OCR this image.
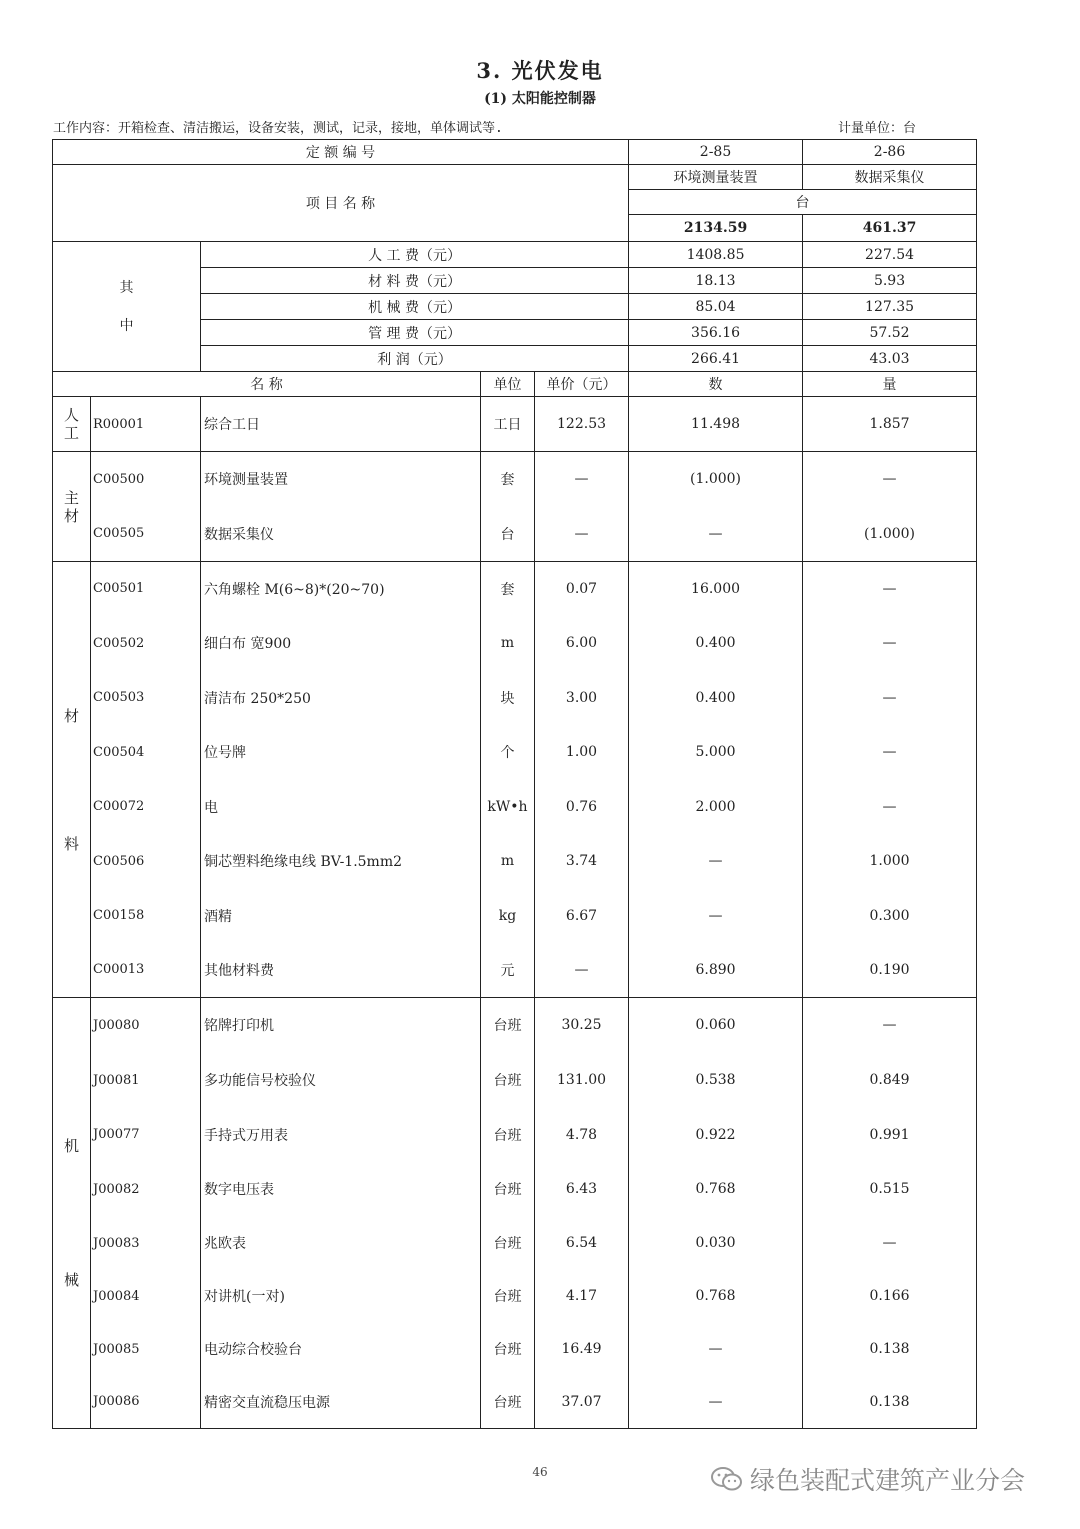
3. 光伏发电
(1) 太阳能控制器
工作内容：开箱检查、清洁搬运，设备安装，测试，记录，接地，单体调试等.	计量单位：台
定 额 编 号					2-85	2-86
项 目 名 称					环境测量装置	数据采集仪
					台	
					2134.59	461.37
其 中		人 工 费（元）			1408.85	227.54
		材 料 费（元）			18.13	5.93
		机 械 费（元）			85.04	127.35
		管 理 费（元）			356.16	57.52
		利 润（元）			266.41	43.03
名 称			单位	单价（元）	数	量
人工	R00001	综合工日	工日	122.53	11.498	1.857
主材	C00500	环境测量装置	套	—	(1.000)	—
	C00505	数据采集仪	台	—	—	(1.000)

材
料	C00501	六角螺栓 M(6~8)*(20~70)	套	0.07	16.000	—
	C00502	细白布 宽900	m	6.00	0.400	—
	C00503	清洁布 250*250	块	3.00	0.400	—
	C00504	位号牌	个	1.00	5.000	—
	C00072	电	kW•h	0.76	2.000	—
	C00506	铜芯塑料绝缘电线 BV-1.5mm2	m	3.74	—	1.000
	C00158	酒精	kg	6.67	—	0.300
	C00013	其他材料费	元	—	6.890	0.190

机
械	J00080	铭牌打印机	台班	30.25	0.060	—
	J00081	多功能信号校验仪	台班	131.00	0.538	0.849
	J00077	手持式万用表	台班	4.78	0.922	0.991
	J00082	数字电压表	台班	6.43	0.768	0.515
	J00083	兆欧表	台班	6.54	0.030	—
	J00084	对讲机(一对)	台班	4.17	0.768	0.166
	J00085	电动综合校验台	台班	16.49	—	0.138
	J00086	精密交直流稳压电源	台班	37.07	—	0.138
46	绿色装配式建筑产业分会
